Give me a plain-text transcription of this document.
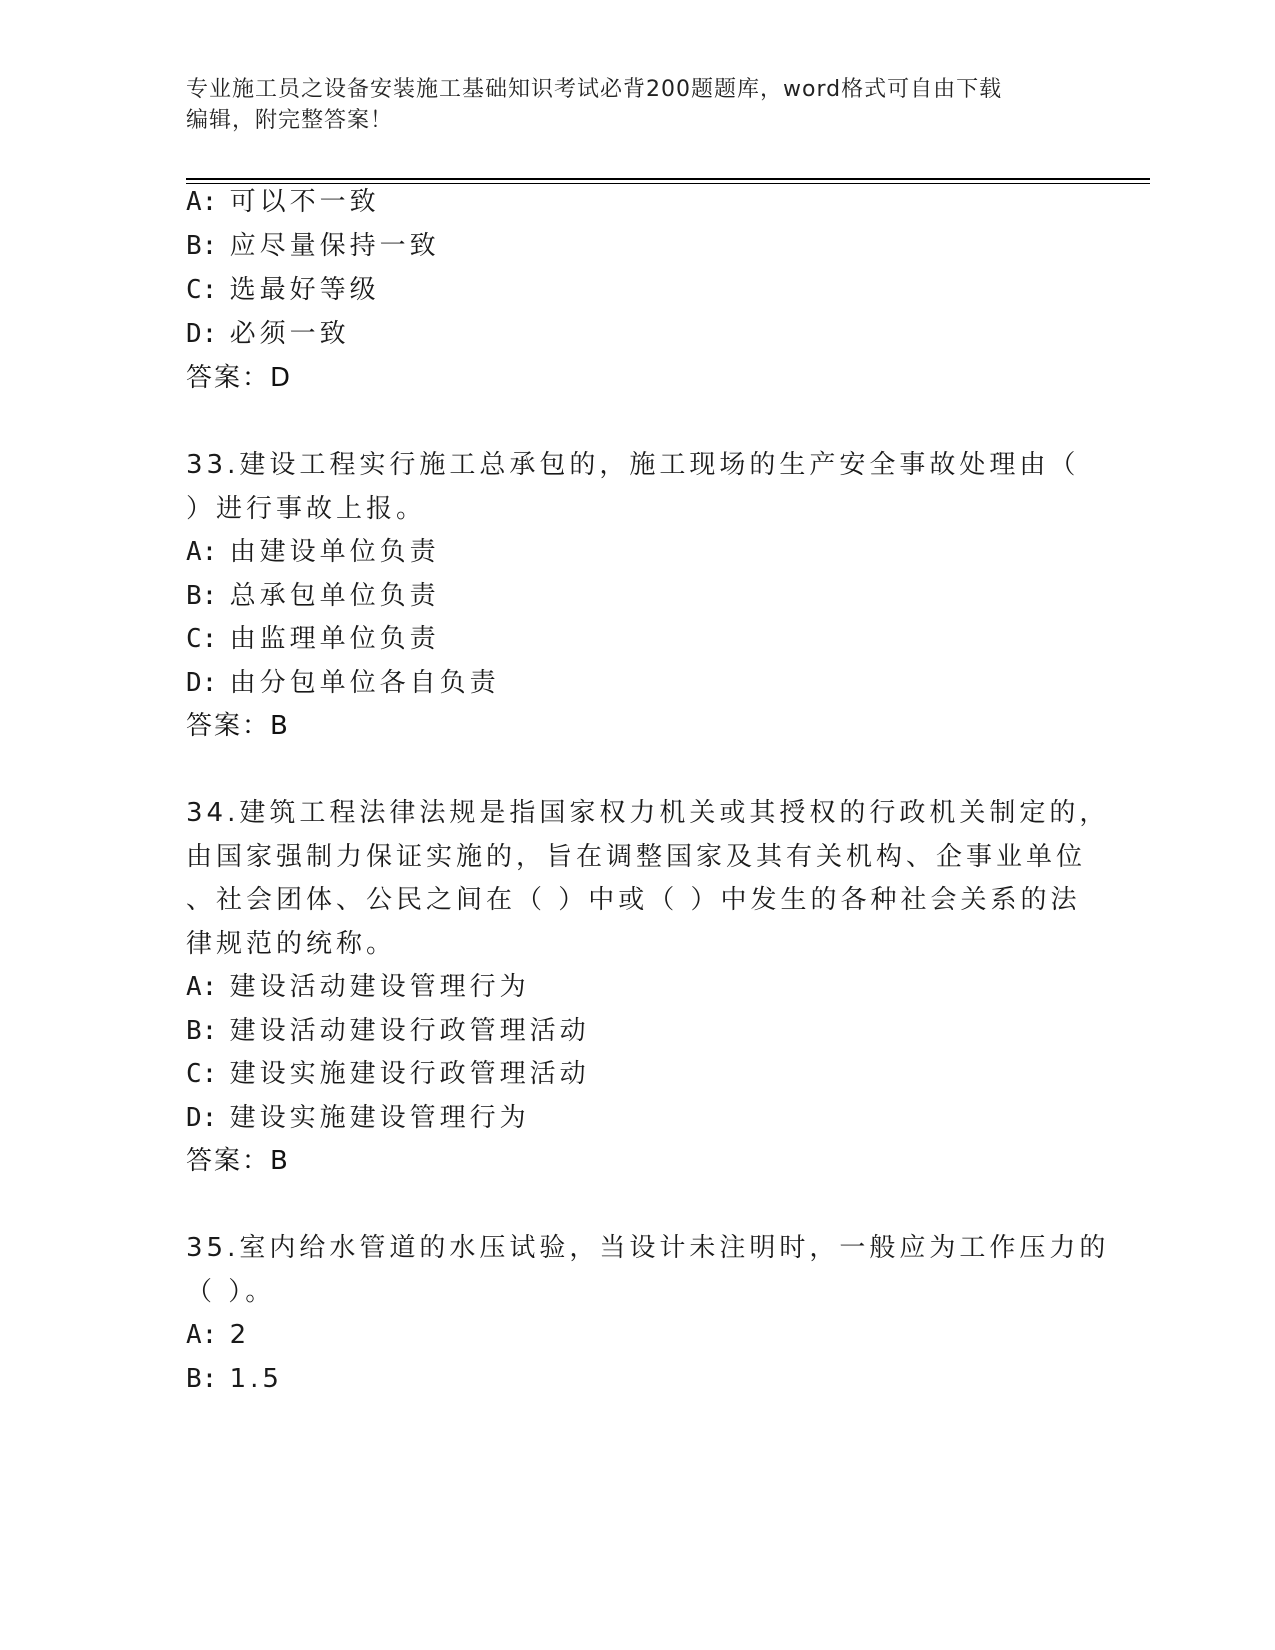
专业施工员之设备安装施工基础知识考试必背200题题库，word格式可自由下载
编辑，附完整答案！
A: 可以不一致
B: 应尽量保持一致
C: 选最好等级
D: 必须一致
答案：D
33.建设工程实行施工总承包的，施工现场的生产安全事故处理由（
）进行事故上报。
A: 由建设单位负责
B: 总承包单位负责
C: 由监理单位负责
D: 由分包单位各自负责
答案：B
34.建筑工程法律法规是指国家权力机关或其授权的行政机关制定的，
由国家强制力保证实施的，旨在调整国家及其有关机构、企事业单位
、社会团体、公民之间在（ ）中或（ ）中发生的各种社会关系的法
律规范的统称。
A: 建设活动建设管理行为
B: 建设活动建设行政管理活动
C: 建设实施建设行政管理活动
D: 建设实施建设管理行为
答案：B
35.室内给水管道的水压试验，当设计未注明时，一般应为工作压力的
（ ）。
A: 2
B: 1.5
